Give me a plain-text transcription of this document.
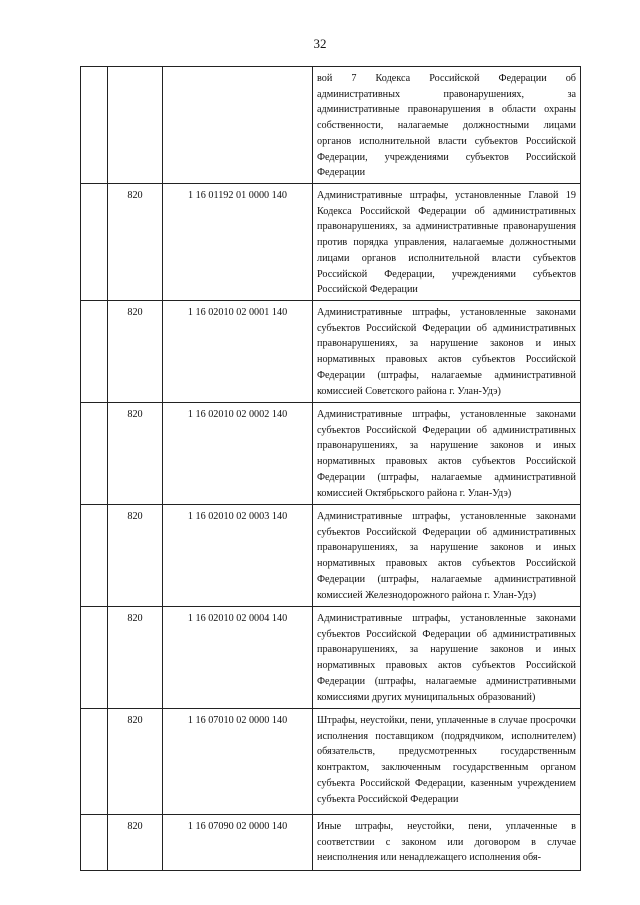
32
			вой 7 Кодекса Российской Федерации об административных правонарушениях, за административные правонарушения в области охраны собственности, налагаемые должностными лицами органов исполнительной власти субъектов Российской Федерации, учреждениями субъектов Российской Федерации
	820	1 16 01192 01 0000 140	Административные штрафы, установленные Главой 19 Кодекса Российской Федерации об административных правонарушениях, за административные правонарушения против порядка управления, налагаемые должностными лицами органов исполнительной власти субъектов Российской Федерации, учреждениями субъектов Российской Федерации
	820	1 16 02010 02 0001 140	Административные штрафы, установленные законами субъектов Российской Федерации об административных правонарушениях, за нарушение законов и иных нормативных правовых актов субъектов Российской Федерации (штрафы, налагаемые административной комиссией Советского района г. Улан-Удэ)
	820	1 16 02010 02 0002 140	Административные штрафы, установленные законами субъектов Российской Федерации об административных правонарушениях, за нарушение законов и иных нормативных правовых актов субъектов Российской Федерации (штрафы, налагаемые административной комиссией Октябрьского района г. Улан-Удэ)
	820	1 16 02010 02 0003 140	Административные штрафы, установленные законами субъектов Российской Федерации об административных правонарушениях, за нарушение законов и иных нормативных правовых актов субъектов Российской Федерации (штрафы, налагаемые административной комиссией Железнодорожного района г. Улан-Удэ)
	820	1 16 02010 02 0004 140	Административные штрафы, установленные законами субъектов Российской Федерации об административных правонарушениях, за нарушение законов и иных нормативных правовых актов субъектов Российской Федерации (штрафы, налагаемые административными комиссиями других муниципальных образований)
	820	1 16 07010 02 0000 140	Штрафы, неустойки, пени, уплаченные в случае просрочки исполнения поставщиком (подрядчиком, исполнителем) обязательств, предусмотренных государственным контрактом, заключенным государственным органом субъекта Российской Федерации, казенным учреждением субъекта Российской Федерации
	820	1 16 07090 02 0000 140	Иные штрафы, неустойки, пени, уплаченные в соответствии с законом или договором в случае неисполнения или ненадлежащего исполнения обя-
